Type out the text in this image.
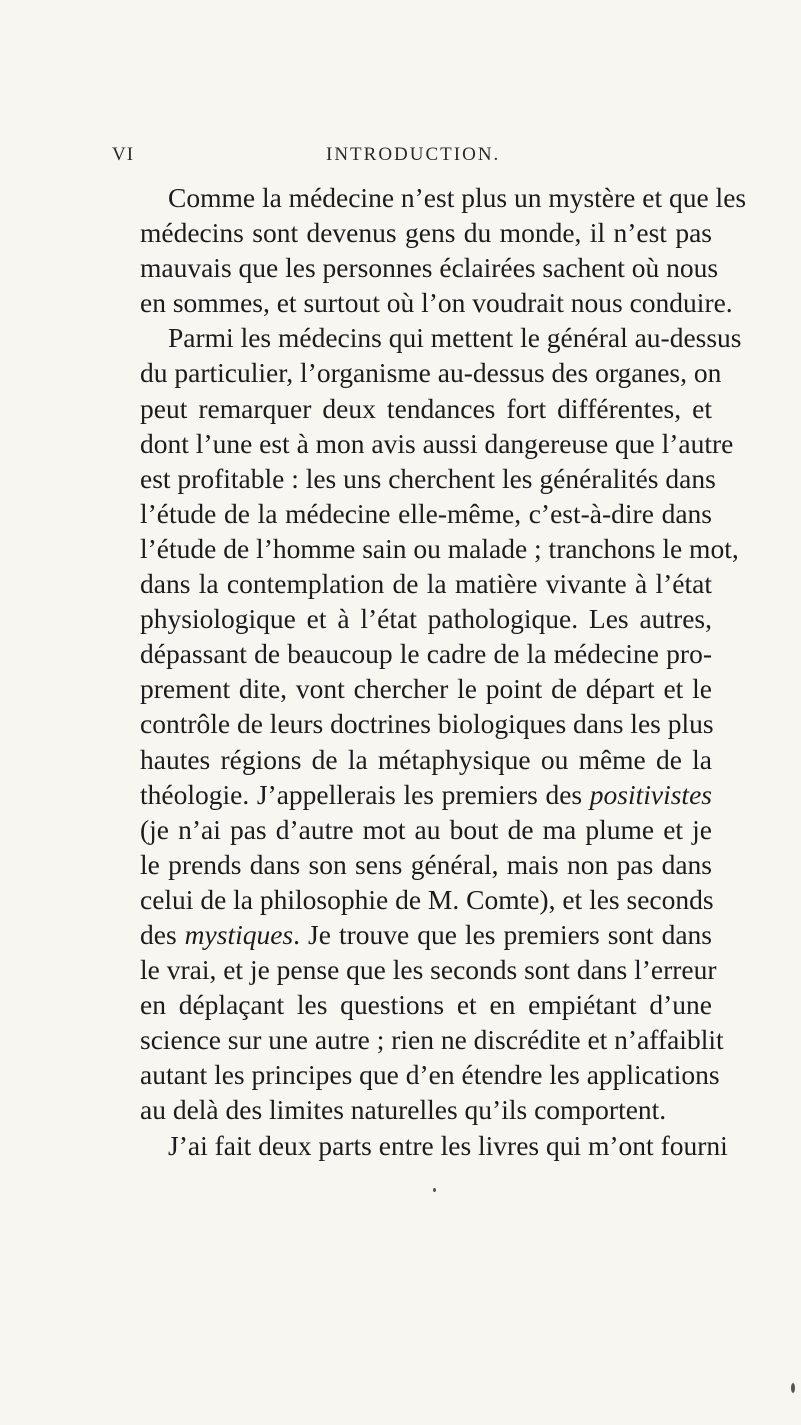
VI	INTRODUCTION.
Comme la médecine n’est plus un mystère et que les
médecins sont devenus gens du monde, il n’est pas
mauvais que les personnes éclairées sachent où nous
en sommes, et surtout où l’on voudrait nous conduire.
Parmi les médecins qui mettent le général au-dessus
du particulier, l’organisme au-dessus des organes, on
peut remarquer deux tendances fort différentes, et
dont l’une est à mon avis aussi dangereuse que l’autre
est profitable : les uns cherchent les généralités dans
l’étude de la médecine elle-même, c’est-à-dire dans
l’étude de l’homme sain ou malade ; tranchons le mot,
dans la contemplation de la matière vivante à l’état
physiologique et à l’état pathologique. Les autres,
dépassant de beaucoup le cadre de la médecine pro-
prement dite, vont chercher le point de départ et le
contrôle de leurs doctrines biologiques dans les plus
hautes régions de la métaphysique ou même de la
théologie. J’appellerais les premiers des positivistes
(je n’ai pas d’autre mot au bout de ma plume et je
le prends dans son sens général, mais non pas dans
celui de la philosophie de M. Comte), et les seconds
des mystiques. Je trouve que les premiers sont dans
le vrai, et je pense que les seconds sont dans l’erreur
en déplaçant les questions et en empiétant d’une
science sur une autre ; rien ne discrédite et n’affaiblit
autant les principes que d’en étendre les applications
au delà des limites naturelles qu’ils comportent.
J’ai fait deux parts entre les livres qui m’ont fourni
